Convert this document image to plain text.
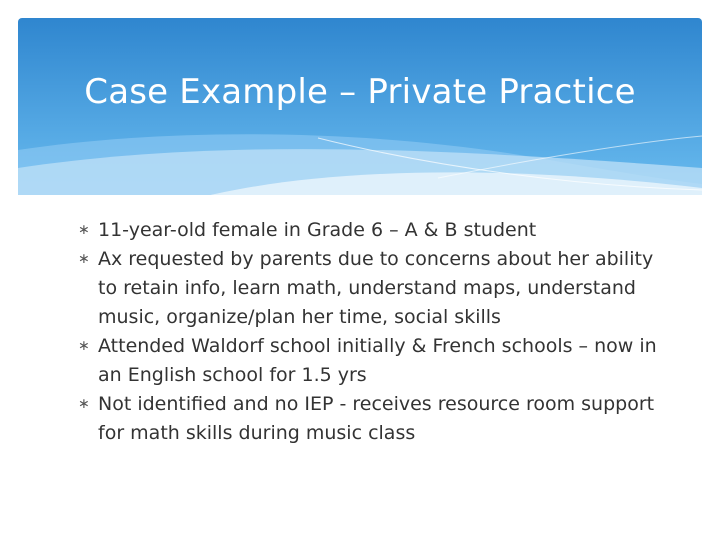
Case Example – Private Practice
∗ 11-year-old female in Grade 6 – A & B student
∗ Ax requested by parents due to concerns about her ability to retain info, learn math, understand maps, understand music, organize/plan her time, social skills
∗ Attended Waldorf school initially & French schools – now in an English school for 1.5 yrs
∗ Not identified and no IEP - receives resource room support for math skills during music class
